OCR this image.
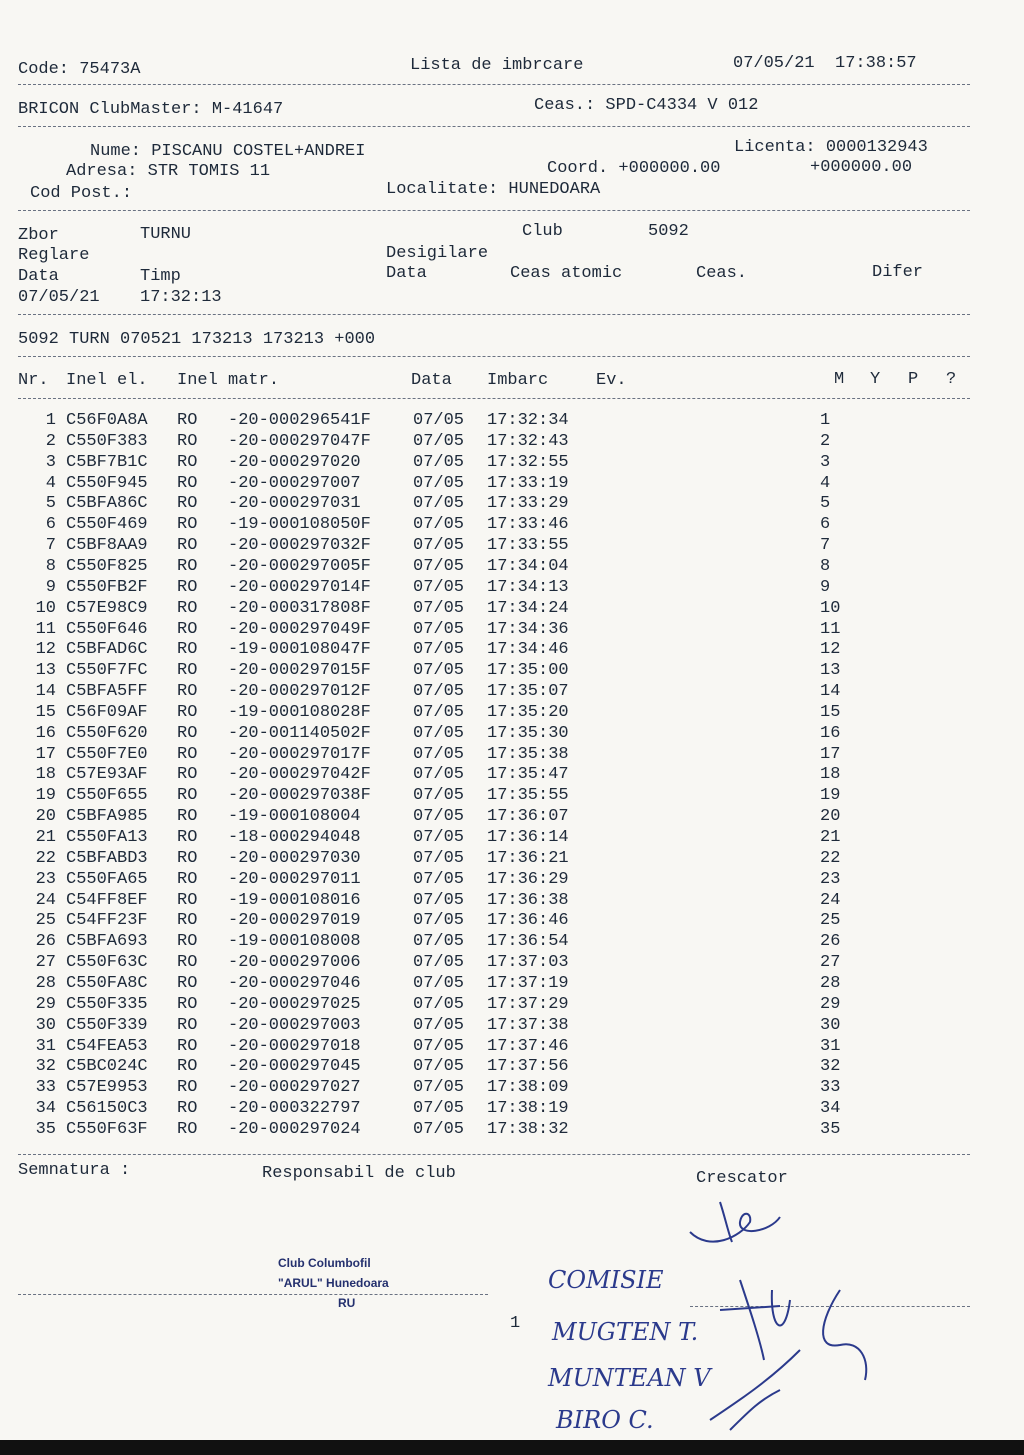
Code: 75473A	Lista de imbrcare	07/05/21  17:38:57
BRICON ClubMaster: M-41647	Ceas.: SPD-C4334 V 012
Nume: PISCANU COSTEL+ANDREI	Licenta: 0000132943
Adresa: STR TOMIS 11	Coord. +000000.00	+000000.00
Cod Post.:	Localitate: HUNEDOARA
Zbor	TURNU	Club	5092
Reglare	Desigilare
Data	Timp	Data	Ceas atomic	Ceas.	Difer
07/05/21 17:32:13
5092 TURN 070521 173213 173213 +000
Nr. Inel el. Inel matr.	Data Imbarc	Ev.	M Y P ?
1 C56F0A8A RO -20-000296541F 07/05 17:32:34	1
2 C550F383 RO -20-000297047F 07/05 17:32:43	2
3 C5BF7B1C RO -20-000297020	07/05 17:32:55	3
4 C550F945 RO -20-000297007	07/05 17:33:19	4
5 C5BFA86C RO -20-000297031	07/05 17:33:29	5
6 C550F469 RO -19-000108050F 07/05 17:33:46	6
7 C5BF8AA9 RO -20-000297032F 07/05 17:33:55	7
8 C550F825 RO -20-000297005F 07/05 17:34:04	8
9 C550FB2F RO -20-000297014F 07/05 17:34:13	9
10 C57E98C9 RO -20-000317808F 07/05 17:34:24	10
11 C550F646 RO -20-000297049F 07/05 17:34:36	11
12 C5BFAD6C RO -19-000108047F 07/05 17:34:46	12
13 C550F7FC RO -20-000297015F 07/05 17:35:00	13
14 C5BFA5FF RO -20-000297012F 07/05 17:35:07	14
15 C56F09AF RO -19-000108028F 07/05 17:35:20	15
16 C550F620 RO -20-001140502F 07/05 17:35:30	16
17 C550F7E0 RO -20-000297017F 07/05 17:35:38	17
18 C57E93AF RO -20-000297042F 07/05 17:35:47	18
19 C550F655 RO -20-000297038F 07/05 17:35:55	19
20 C5BFA985 RO -19-000108004	07/05 17:36:07	20
21 C550FA13 RO -18-000294048	07/05 17:36:14	21
22 C5BFABD3 RO -20-000297030	07/05 17:36:21	22
23 C550FA65 RO -20-000297011	07/05 17:36:29	23
24 C54FF8EF RO -19-000108016	07/05 17:36:38	24
25 C54FF23F RO -20-000297019	07/05 17:36:46	25
26 C5BFA693 RO -19-000108008	07/05 17:36:54	26
27 C550F63C RO -20-000297006	07/05 17:37:03	27
28 C550FA8C RO -20-000297046	07/05 17:37:19	28
29 C550F335 RO -20-000297025	07/05 17:37:29	29
30 C550F339 RO -20-000297003	07/05 17:37:38	30
31 C54FEA53 RO -20-000297018	07/05 17:37:46	31
32 C5BC024C RO -20-000297045	07/05 17:37:56	32
33 C57E9953 RO -20-000297027	07/05 17:38:09	33
34 C56150C3 RO -20-000322797	07/05 17:38:19	34
35 C550F63F RO -20-000297024	07/05 17:38:32	35
Semnatura :	Responsabil de club	Crescator
Club Columbofil
"ARUL" Hunedoara
RU
1
COMISIE
MUGTEN T.
MUNTEAN V
BIRO C.
